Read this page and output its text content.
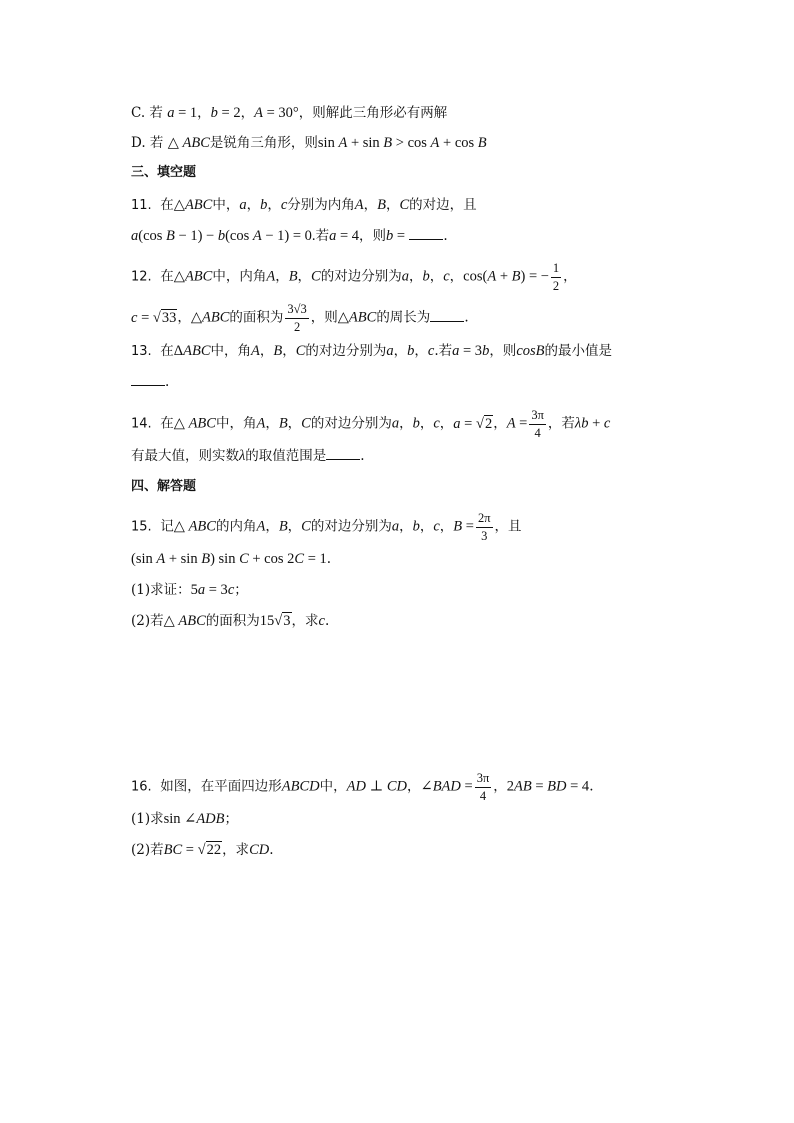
C. 若 a = 1，b = 2，A = 30°，则解此三角形必有两解
D. 若 △ ABC是锐角三角形，则sin A + sin B > cos A + cos B
三、填空题
11. 在△ABC中，a，b，c分别为内角A，B，C的对边，且
a(cos B − 1) − b(cos A − 1) = 0.若a = 4，则b =	.
12. 在△ABC中，内角A，B，C的对边分别为a，b，c，cos(A + B) = − $\frac{1}{2}$ ，
c = √33，△ABC的面积为 $\frac{3√3}{2}$ ，则△ABC的周长为	.
13. 在ΔABC中，角A，B，C的对边分别为a，b，c.若a = 3b，则cosB的最小值是
.
14. 在△ ABC中，角A，B，C的对边分别为a，b，c，a = √2，$A = \frac{3\pi}{4}$ ，若λb + c
有最大值，则实数λ的取值范围是	.
四、解答题
15. 记△ ABC的内角A，B，C的对边分别为a，b，c，$B = \frac{2\pi}{3}$ ，且
(sin A + sin B) sin C + cos 2C = 1.
(1)求证：5a = 3c；
(2)若△ ABC的面积为15√3，求c.
16. 如图，在平面四边形ABCD中，AD ⊥ CD，∠BAD = $\frac{3\pi}{4}$ ，2AB = BD = 4.
(1)求sin ∠ADB；
(2)若BC = √22，求CD.
